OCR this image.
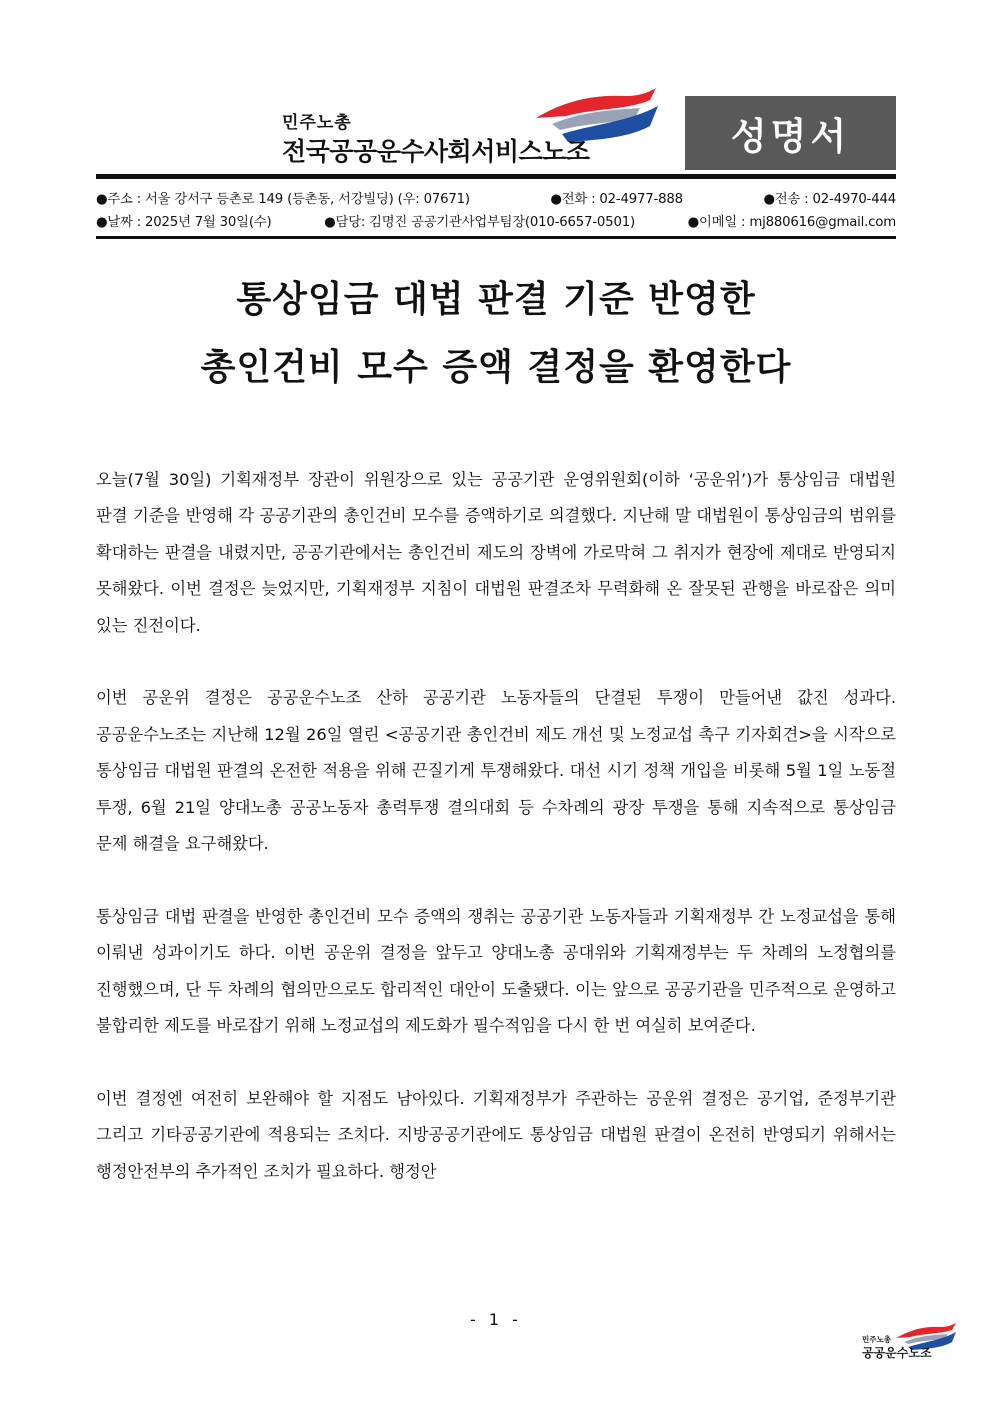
민주노총
전국공공운수사회서비스노조	성명서
●주소 : 서울 강서구 등촌로 149 (등촌동, 서강빌딩) (우: 07671)	●전화 : 02-4977-888	●전송 : 02-4970-444
●날짜 : 2025년 7월 30일(수)	●담당: 김명진 공공기관사업부팀장(010-6657-0501)	●이메일 : mj880616@gmail.com
통상임금 대법 판결 기준 반영한
총인건비 모수 증액 결정을 환영한다

오늘(7월 30일) 기획재정부 장관이 위원장으로 있는 공공기관 운영위원회(이하 ‘공운위’)가 통상임금 대법원 판결 기준을 반영해 각 공공기관의 총인건비 모수를 증액하기로 의결했다. 지난해 말 대법원이 통상임금의 범위를 확대하는 판결을 내렸지만, 공공기관에서는 총인건비 제도의 장벽에 가로막혀 그 취지가 현장에 제대로 반영되지 못해왔다. 이번 결정은 늦었지만, 기획재정부 지침이 대법원 판결조차 무력화해 온 잘못된 관행을 바로잡은 의미 있는 진전이다.

이번 공운위 결정은 공공운수노조 산하 공공기관 노동자들의 단결된 투쟁이 만들어낸 값진 성과다. 공공운수노조는 지난해 12월 26일 열린 <공공기관 총인건비 제도 개선 및 노정교섭 촉구 기자회견>을 시작으로 통상임금 대법원 판결의 온전한 적용을 위해 끈질기게 투쟁해왔다. 대선 시기 정책 개입을 비롯해 5월 1일 노동절 투쟁, 6월 21일 양대노총 공공노동자 총력투쟁 결의대회 등 수차례의 광장 투쟁을 통해 지속적으로 통상임금 문제 해결을 요구해왔다.

통상임금 대법 판결을 반영한 총인건비 모수 증액의 쟁취는 공공기관 노동자들과 기획재정부 간 노정교섭을 통해 이뤄낸 성과이기도 하다. 이번 공운위 결정을 앞두고 양대노총 공대위와 기획재정부는 두 차례의 노정협의를 진행했으며, 단 두 차례의 협의만으로도 합리적인 대안이 도출됐다. 이는 앞으로 공공기관을 민주적으로 운영하고 불합리한 제도를 바로잡기 위해 노정교섭의 제도화가 필수적임을 다시 한 번 여실히 보여준다.

이번 결정엔 여전히 보완해야 할 지점도 남아있다. 기획재정부가 주관하는 공운위 결정은 공기업, 준정부기관 그리고 기타공공기관에 적용되는 조치다. 지방공공기관에도 통상임금 대법원 판결이 온전히 반영되기 위해서는 행정안전부의 추가적인 조치가 필요하다. 행정안

- 1 -
민주노총
공공운수노조
